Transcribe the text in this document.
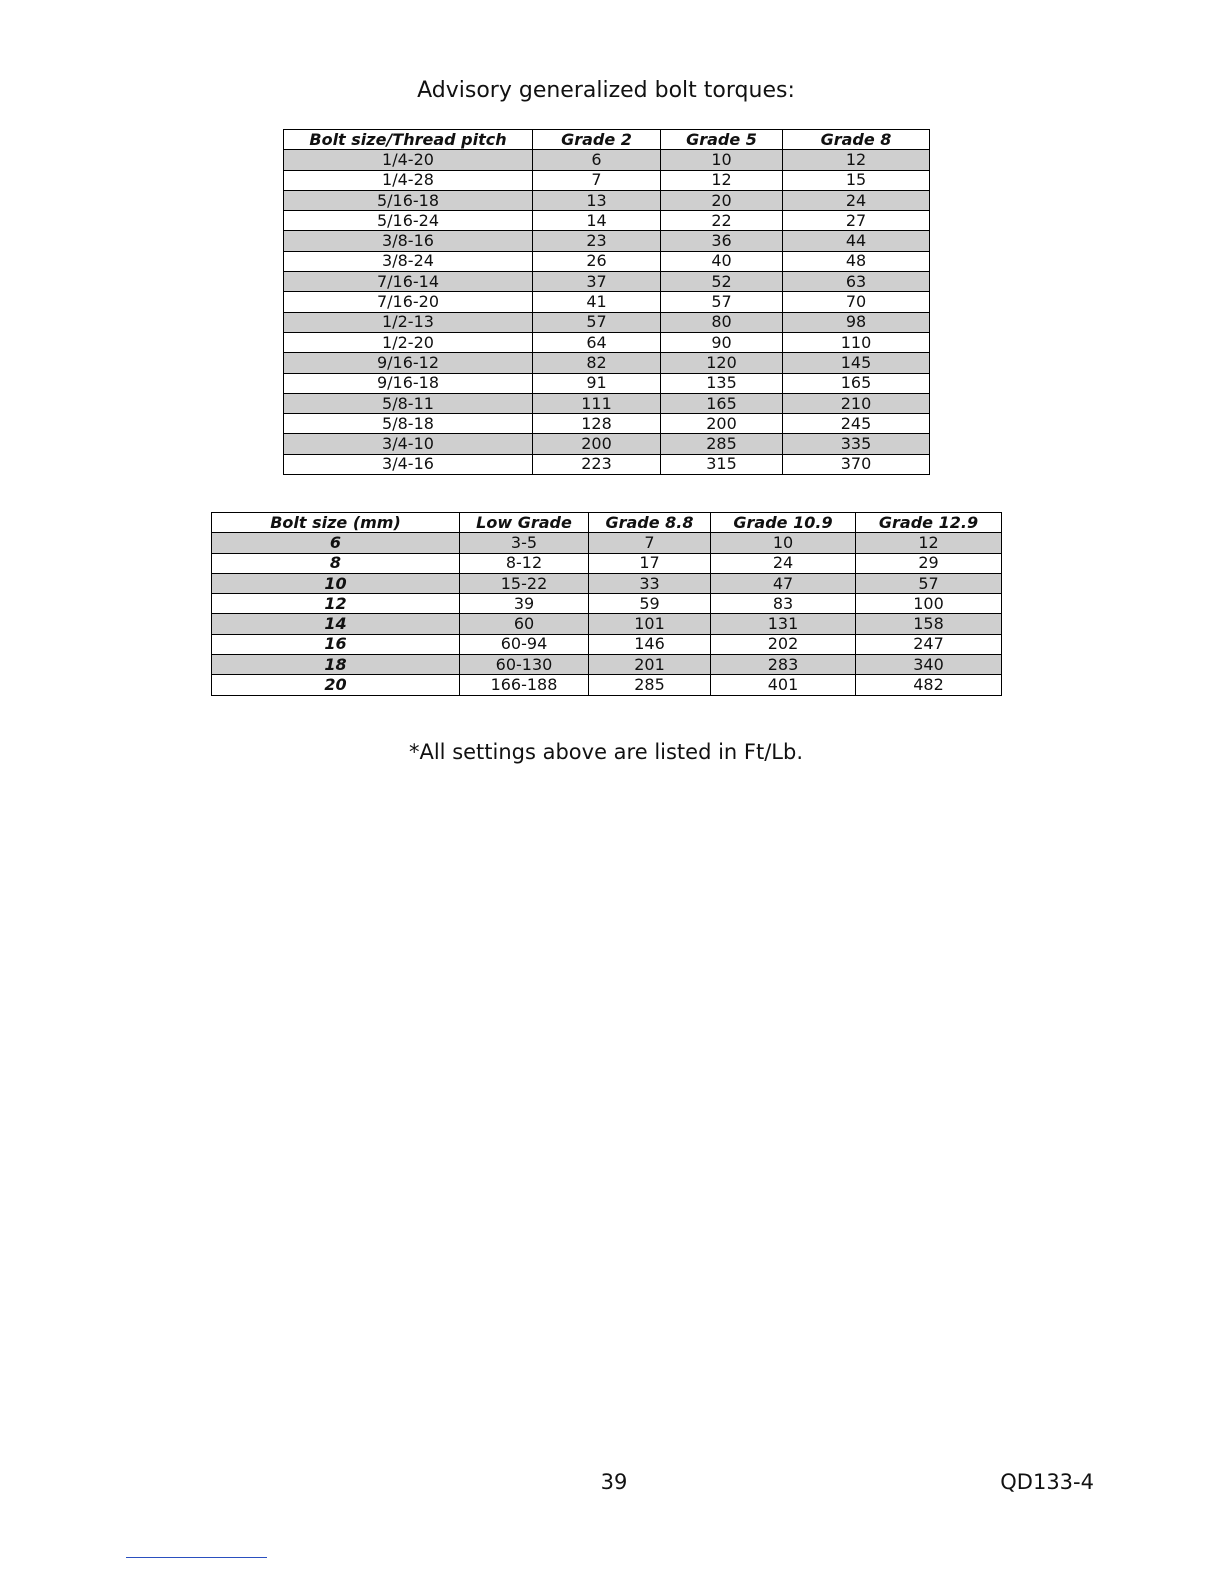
Advisory generalized bolt torques:
Bolt size/Thread pitch	Grade 2	Grade 5	Grade 8
1/4-20	6	10	12
1/4-28	7	12	15
5/16-18	13	20	24
5/16-24	14	22	27
3/8-16	23	36	44
3/8-24	26	40	48
7/16-14	37	52	63
7/16-20	41	57	70
1/2-13	57	80	98
1/2-20	64	90	110
9/16-12	82	120	145
9/16-18	91	135	165
5/8-11	111	165	210
5/8-18	128	200	245
3/4-10	200	285	335
3/4-16	223	315	370
Bolt size (mm)	Low Grade	Grade 8.8	Grade 10.9	Grade 12.9
6	3-5	7	10	12
8	8-12	17	24	29
10	15-22	33	47	57
12	39	59	83	100
14	60	101	131	158
16	60-94	146	202	247
18	60-130	201	283	340
20	166-188	285	401	482
*All settings above are listed in Ft/Lb.
39	QD133-4
